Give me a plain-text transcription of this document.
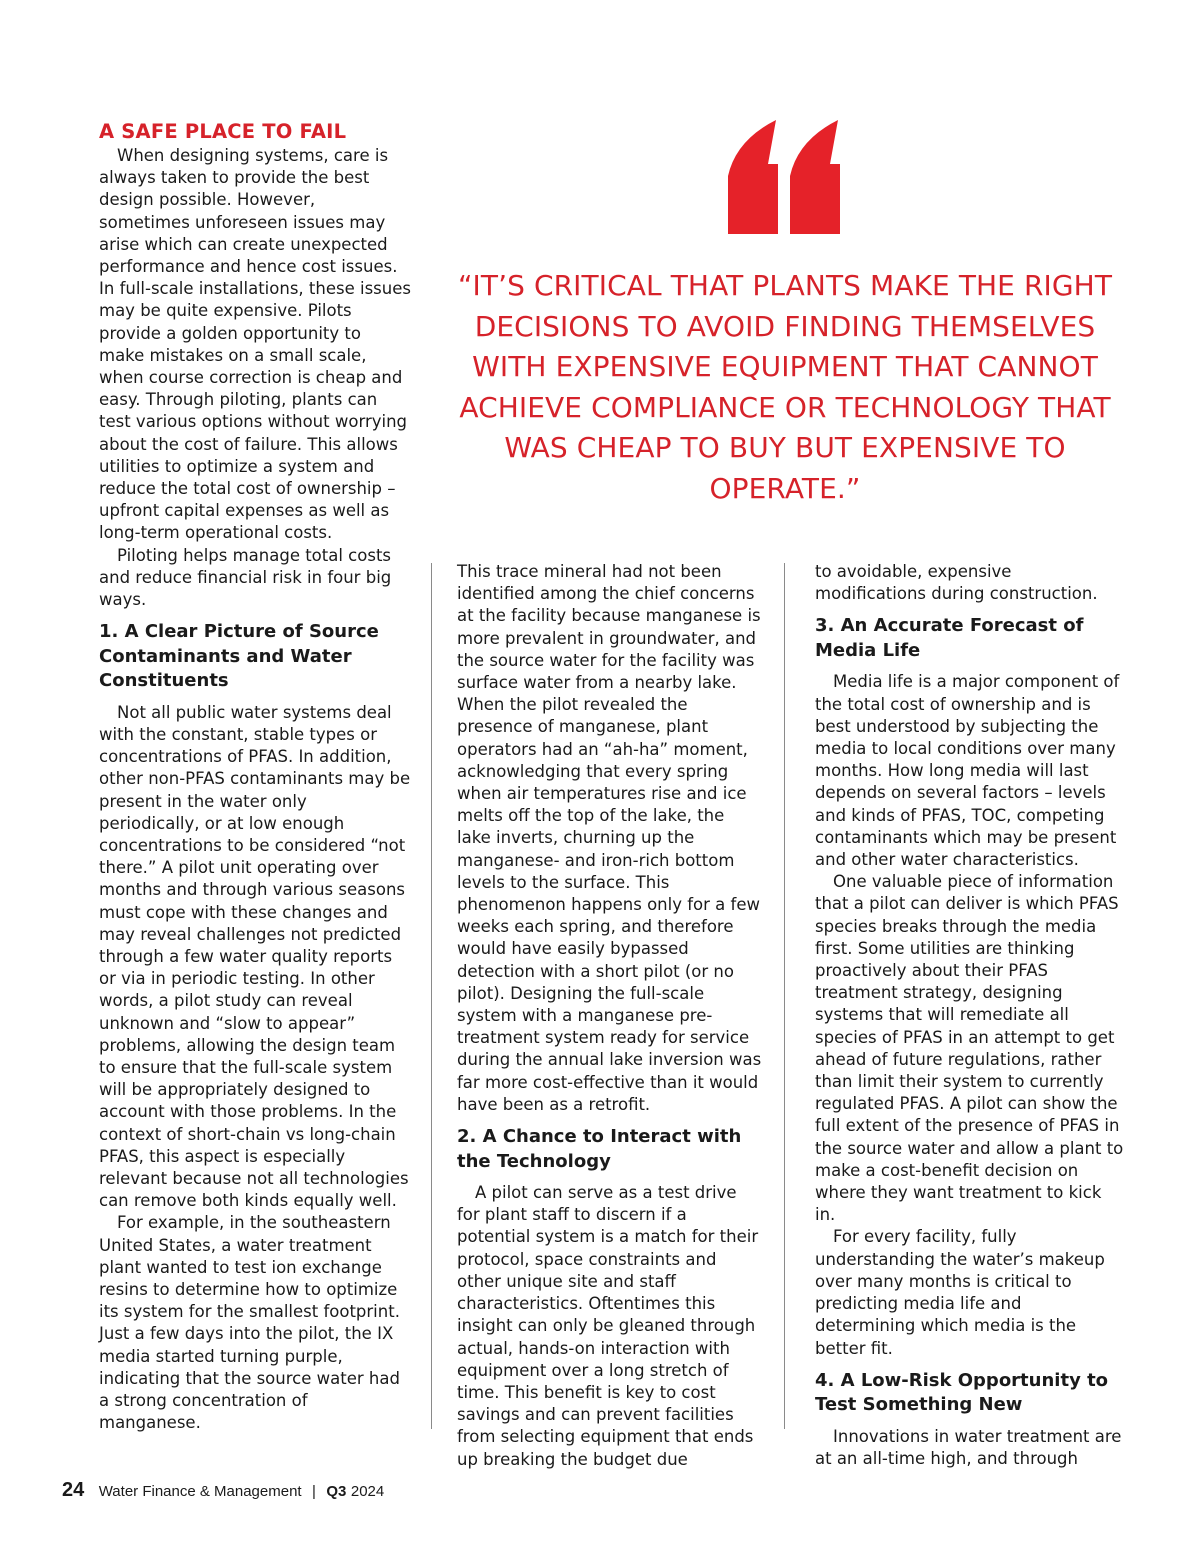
A SAFE PLACE TO FAIL

When designing systems, care is always taken to provide the best design possible. However, sometimes unforeseen issues may arise which can create unexpected performance and hence cost issues. In full-scale installations, these issues may be quite expensive. Pilots provide a golden opportunity to make mistakes on a small scale, when course correction is cheap and easy. Through piloting, plants can test various options without worrying about the cost of failure. This allows utilities to optimize a system and reduce the total cost of ownership – upfront capital expenses as well as long-term operational costs.

Piloting helps manage total costs and reduce financial risk in four big ways.

1. A Clear Picture of Source Contaminants and Water Constituents

Not all public water systems deal with the constant, stable types or concentrations of PFAS. In addition, other non-PFAS contaminants may be present in the water only periodically, or at low enough concentrations to be considered “not there.” A pilot unit operating over months and through various seasons must cope with these changes and may reveal challenges not predicted through a few water quality reports or via in periodic testing. In other words, a pilot study can reveal unknown and “slow to appear” problems, allowing the design team to ensure that the full-scale system will be appropriately designed to account with those problems. In the context of short-chain vs long-chain PFAS, this aspect is especially relevant because not all technologies can remove both kinds equally well.

For example, in the southeastern United States, a water treatment plant wanted to test ion exchange resins to determine how to optimize its system for the smallest footprint. Just a few days into the pilot, the IX media started turning purple, indicating that the source water had a strong concentration of manganese.

“IT’S CRITICAL THAT PLANTS MAKE THE RIGHT DECISIONS TO AVOID FINDING THEMSELVES WITH EXPENSIVE EQUIPMENT THAT CANNOT ACHIEVE COMPLIANCE OR TECHNOLOGY THAT WAS CHEAP TO BUY BUT EXPENSIVE TO OPERATE.”

This trace mineral had not been identified among the chief concerns at the facility because manganese is more prevalent in groundwater, and the source water for the facility was surface water from a nearby lake. When the pilot revealed the presence of manganese, plant operators had an “ah-ha” moment, acknowledging that every spring when air temperatures rise and ice melts off the top of the lake, the lake inverts, churning up the manganese- and iron-rich bottom levels to the surface. This phenomenon happens only for a few weeks each spring, and therefore would have easily bypassed detection with a short pilot (or no pilot). Designing the full-scale system with a manganese pre-treatment system ready for service during the annual lake inversion was far more cost-effective than it would have been as a retrofit.

2. A Chance to Interact with the Technology

A pilot can serve as a test drive for plant staff to discern if a potential system is a match for their protocol, space constraints and other unique site and staff characteristics. Oftentimes this insight can only be gleaned through actual, hands-on interaction with equipment over a long stretch of time. This benefit is key to cost savings and can prevent facilities from selecting equipment that ends up breaking the budget due

to avoidable, expensive modifications during construction.

3. An Accurate Forecast of Media Life

Media life is a major component of the total cost of ownership and is best understood by subjecting the media to local conditions over many months. How long media will last depends on several factors – levels and kinds of PFAS, TOC, competing contaminants which may be present and other water characteristics.

One valuable piece of information that a pilot can deliver is which PFAS species breaks through the media first. Some utilities are thinking proactively about their PFAS treatment strategy, designing systems that will remediate all species of PFAS in an attempt to get ahead of future regulations, rather than limit their system to currently regulated PFAS. A pilot can show the full extent of the presence of PFAS in the source water and allow a plant to make a cost-benefit decision on where they want treatment to kick in.

For every facility, fully understanding the water’s makeup over many months is critical to predicting media life and determining which media is the better fit.

4. A Low-Risk Opportunity to Test Something New

Innovations in water treatment are at an all-time high, and through

24 Water Finance & Management | Q3 2024
